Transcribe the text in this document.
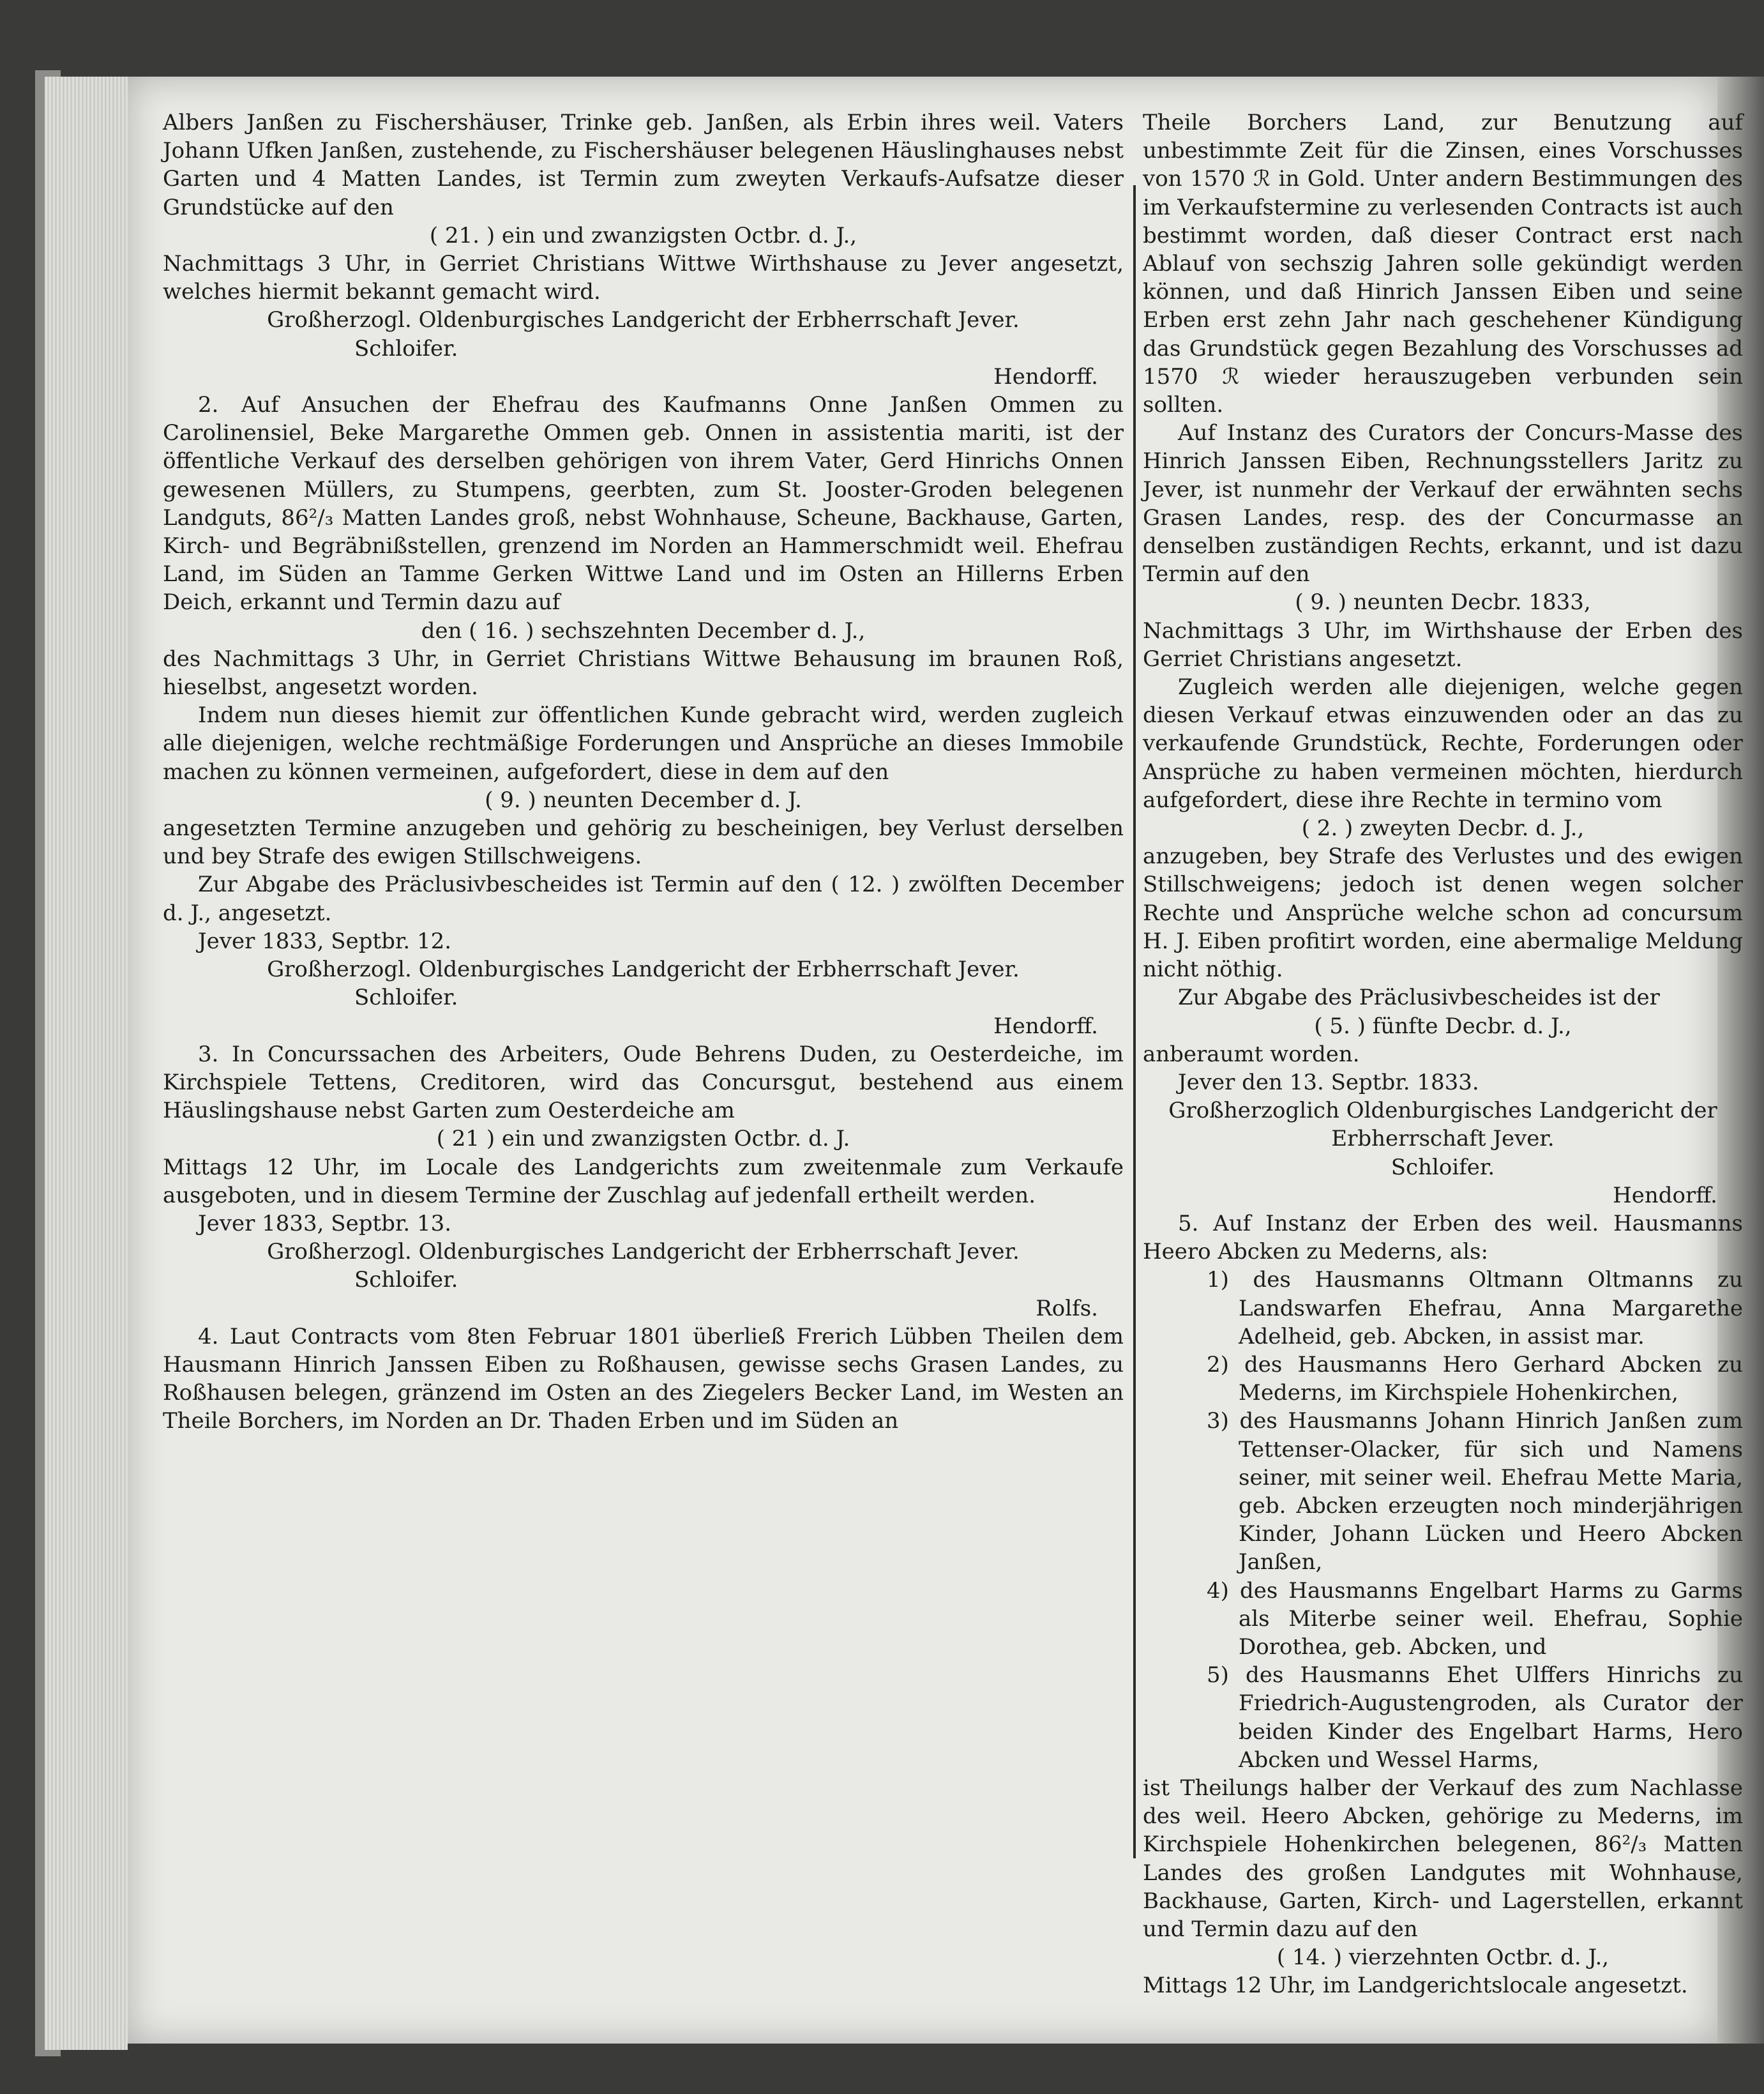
Albers Janßen zu Fischershäuser, Trinke geb. Janßen, als Erbin ihres weil. Vaters Johann Ufken Janßen, zustehende, zu Fischershäuser belegenen Häuslinghauses nebst Garten und 4 Matten Landes, ist Termin zum zweyten Verkaufs-Aufsatze dieser Grundstücke auf den

( 21. ) ein und zwanzigsten Octbr. d. J.,

Nachmittags 3 Uhr, in Gerriet Christians Wittwe Wirthshause zu Jever angesetzt, welches hiermit bekannt gemacht wird.

Großherzogl. Oldenburgisches Landgericht der Erbherrschaft Jever.

Schloifer.

Hendorff.

2. Auf Ansuchen der Ehefrau des Kaufmanns Onne Janßen Ommen zu Carolinensiel, Beke Margarethe Ommen geb. Onnen in assistentia mariti, ist der öffentliche Verkauf des derselben gehörigen von ihrem Vater, Gerd Hinrichs Onnen gewesenen Müllers, zu Stumpens, geerbten, zum St. Jooster-Groden belegenen Landguts, 86²/₃ Matten Landes groß, nebst Wohnhause, Scheune, Backhause, Garten, Kirch- und Begräbnißstellen, grenzend im Norden an Hammerschmidt weil. Ehefrau Land, im Süden an Tamme Gerken Wittwe Land und im Osten an Hillerns Erben Deich, erkannt und Termin dazu auf

den ( 16. ) sechszehnten December d. J.,

des Nachmittags 3 Uhr, in Gerriet Christians Wittwe Behausung im braunen Roß, hieselbst, angesetzt worden.

Indem nun dieses hiemit zur öffentlichen Kunde gebracht wird, werden zugleich alle diejenigen, welche rechtmäßige Forderungen und Ansprüche an dieses Immobile machen zu können vermeinen, aufgefordert, diese in dem auf den

( 9. ) neunten December d. J.

angesetzten Termine anzugeben und gehörig zu bescheinigen, bey Verlust derselben und bey Strafe des ewigen Stillschweigens.

Zur Abgabe des Präclusivbescheides ist Termin auf den ( 12. ) zwölften December d. J., angesetzt.

Jever 1833, Septbr. 12.

Großherzogl. Oldenburgisches Landgericht der Erbherrschaft Jever.

Schloifer.

Hendorff.

3. In Concurssachen des Arbeiters, Oude Behrens Duden, zu Oesterdeiche, im Kirchspiele Tettens, Creditoren, wird das Concursgut, bestehend aus einem Häuslingshause nebst Garten zum Oesterdeiche am

( 21 ) ein und zwanzigsten Octbr. d. J.

Mittags 12 Uhr, im Locale des Landgerichts zum zweitenmale zum Verkaufe ausgeboten, und in diesem Termine der Zuschlag auf jedenfall ertheilt werden.

Jever 1833, Septbr. 13.

Großherzogl. Oldenburgisches Landgericht der Erbherrschaft Jever.

Schloifer.

Rolfs.

4. Laut Contracts vom 8ten Februar 1801 überließ Frerich Lübben Theilen dem Hausmann Hinrich Janssen Eiben zu Roßhausen, gewisse sechs Grasen Landes, zu Roßhausen belegen, gränzend im Osten an des Ziegelers Becker Land, im Westen an Theile Borchers, im Norden an Dr. Thaden Erben und im Süden an

Theile Borchers Land, zur Benutzung auf unbestimmte Zeit für die Zinsen, eines Vorschusses von 1570 ℛ in Gold. Unter andern Bestimmungen des im Verkaufstermine zu verlesenden Contracts ist auch bestimmt worden, daß dieser Contract erst nach Ablauf von sechszig Jahren solle gekündigt werden können, und daß Hinrich Janssen Eiben und seine Erben erst zehn Jahr nach geschehener Kündigung das Grundstück gegen Bezahlung des Vorschusses ad 1570 ℛ wieder herauszugeben verbunden sein sollten.

Auf Instanz des Curators der Concurs-Masse des Hinrich Janssen Eiben, Rechnungsstellers Jaritz zu Jever, ist nunmehr der Verkauf der erwähnten sechs Grasen Landes, resp. des der Concurmasse an denselben zuständigen Rechts, erkannt, und ist dazu Termin auf den

( 9. ) neunten Decbr. 1833,

Nachmittags 3 Uhr, im Wirthshause der Erben des Gerriet Christians angesetzt.

Zugleich werden alle diejenigen, welche gegen diesen Verkauf etwas einzuwenden oder an das zu verkaufende Grundstück, Rechte, Forderungen oder Ansprüche zu haben vermeinen möchten, hierdurch aufgefordert, diese ihre Rechte in termino vom

( 2. ) zweyten Decbr. d. J.,

anzugeben, bey Strafe des Verlustes und des ewigen Stillschweigens; jedoch ist denen wegen solcher Rechte und Ansprüche welche schon ad concursum H. J. Eiben profitirt worden, eine abermalige Meldung nicht nöthig.

Zur Abgabe des Präclusivbescheides ist der

( 5. ) fünfte Decbr. d. J.,

anberaumt worden.

Jever den 13. Septbr. 1833.

Großherzoglich Oldenburgisches Landgericht der Erbherrschaft Jever.

Schloifer.

Hendorff.

5. Auf Instanz der Erben des weil. Hausmanns Heero Abcken zu Mederns, als:

1) des Hausmanns Oltmann Oltmanns zu Landswarfen Ehefrau, Anna Margarethe Adelheid, geb. Abcken, in assist mar.

2) des Hausmanns Hero Gerhard Abcken zu Mederns, im Kirchspiele Hohenkirchen,

3) des Hausmanns Johann Hinrich Janßen zum Tettenser-Olacker, für sich und Namens seiner, mit seiner weil. Ehefrau Mette Maria, geb. Abcken erzeugten noch minderjährigen Kinder, Johann Lücken und Heero Abcken Janßen,

4) des Hausmanns Engelbart Harms zu Garms als Miterbe seiner weil. Ehefrau, Sophie Dorothea, geb. Abcken, und

5) des Hausmanns Ehet Ulffers Hinrichs zu Friedrich-Augustengroden, als Curator der beiden Kinder des Engelbart Harms, Hero Abcken und Wessel Harms,

ist Theilungs halber der Verkauf des zum Nachlasse des weil. Heero Abcken, gehörige zu Mederns, im Kirchspiele Hohenkirchen belegenen, 86²/₃ Matten Landes des großen Landgutes mit Wohnhause, Backhause, Garten, Kirch- und Lagerstellen, erkannt und Termin dazu auf den

( 14. ) vierzehnten Octbr. d. J.,

Mittags 12 Uhr, im Landgerichtslocale angesetzt.
